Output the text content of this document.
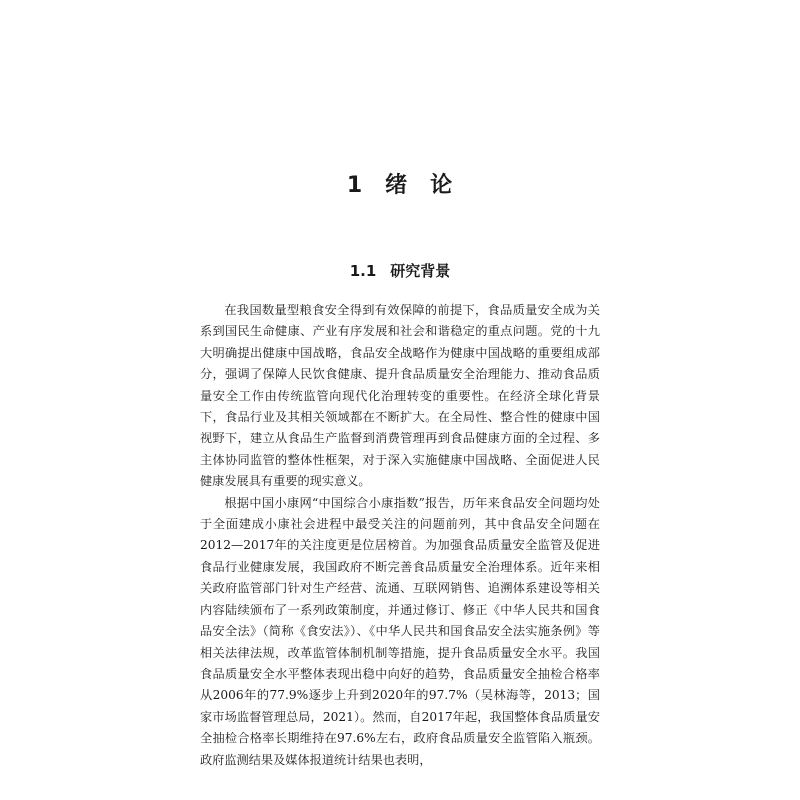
1 绪 论
1.1 研究背景

在我国数量型粮食安全得到有效保障的前提下，食品质量安全成为关系到国民生命健康、产业有序发展和社会和谐稳定的重点问题。党的十九大明确提出健康中国战略，食品安全战略作为健康中国战略的重要组成部分，强调了保障人民饮食健康、提升食品质量安全治理能力、推动食品质量安全工作由传统监管向现代化治理转变的重要性。在经济全球化背景下，食品行业及其相关领域都在不断扩大。在全局性、整合性的健康中国视野下，建立从食品生产监督到消费管理再到食品健康方面的全过程、多主体协同监管的整体性框架，对于深入实施健康中国战略、全面促进人民健康发展具有重要的现实意义。

根据中国小康网“中国综合小康指数”报告，历年来食品安全问题均处于全面建成小康社会进程中最受关注的问题前列，其中食品安全问题在2012—2017年的关注度更是位居榜首。为加强食品质量安全监管及促进食品行业健康发展，我国政府不断完善食品质量安全治理体系。近年来相关政府监管部门针对生产经营、流通、互联网销售、追溯体系建设等相关内容陆续颁布了一系列政策制度，并通过修订、修正《中华人民共和国食品安全法》（简称《食安法》）、《中华人民共和国食品安全法实施条例》等相关法律法规，改革监管体制机制等措施，提升食品质量安全水平。我国食品质量安全水平整体表现出稳中向好的趋势，食品质量安全抽检合格率从2006年的77.9%逐步上升到2020年的97.7%（吴林海等，2013；国家市场监督管理总局，2021）。然而，自2017年起，我国整体食品质量安全抽检合格率长期维持在97.6%左右，政府食品质量安全监管陷入瓶颈。政府监测结果及媒体报道统计结果也表明，
